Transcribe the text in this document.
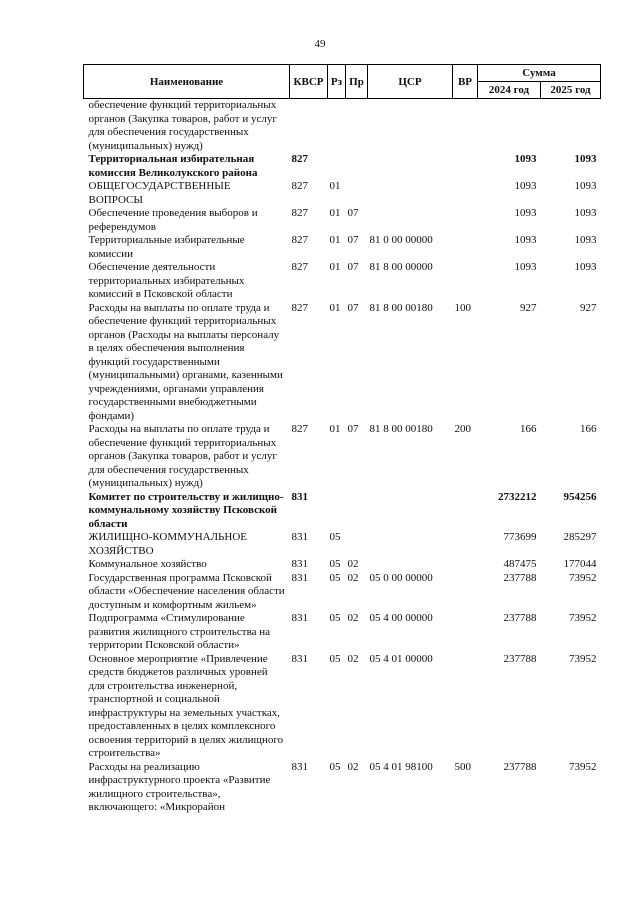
49
Наименование	КВСР	Рз	Пр	ЦСР	ВР	Сумма	
						2024 год	2025 год
обеспечение функций территориальных органов (Закупка товаров, работ и услуг для обеспечения государственных (муниципальных) нужд)							
Территориальная избирательная комиссия Великолукского района	827					1093	1093
ОБЩЕГОСУДАРСТВЕННЫЕ ВОПРОСЫ	827	01				1093	1093
Обеспечение проведения выборов и референдумов	827	01	07			1093	1093
Территориальные избирательные комиссии	827	01	07	81 0 00 00000		1093	1093
Обеспечение деятельности территориальных избирательных комиссий в Псковской области	827	01	07	81 8 00 00000		1093	1093
Расходы на выплаты по оплате труда и обеспечение функций территориальных органов (Расходы на выплаты персоналу в целях обеспечения выполнения функций государственными (муниципальными) органами, казенными учреждениями, органами управления государственными внебюджетными фондами)	827	01	07	81 8 00 00180	100	927	927
Расходы на выплаты по оплате труда и обеспечение функций территориальных органов (Закупка товаров, работ и услуг для обеспечения государственных (муниципальных) нужд)	827	01	07	81 8 00 00180	200	166	166
Комитет по строительству и жилищно-коммунальному хозяйству Псковской области	831					2732212	954256
ЖИЛИЩНО-КОММУНАЛЬНОЕ ХОЗЯЙСТВО	831	05				773699	285297
Коммунальное хозяйство	831	05	02			487475	177044
Государственная программа Псковской области «Обеспечение населения области доступным и комфортным жильем»	831	05	02	05 0 00 00000		237788	73952
Подпрограмма «Стимулирование развития жилищного строительства на территории Псковской области»	831	05	02	05 4 00 00000		237788	73952
Основное мероприятие «Привлечение средств бюджетов различных уровней для строительства инженерной, транспортной и социальной инфраструктуры на земельных участках, предоставленных в целях комплексного освоения территорий в целях жилищного строительства»	831	05	02	05 4 01 00000		237788	73952
Расходы на реализацию инфраструктурного проекта «Развитие жилищного строительства», включающего: «Микрорайон	831	05	02	05 4 01 98100	500	237788	73952
